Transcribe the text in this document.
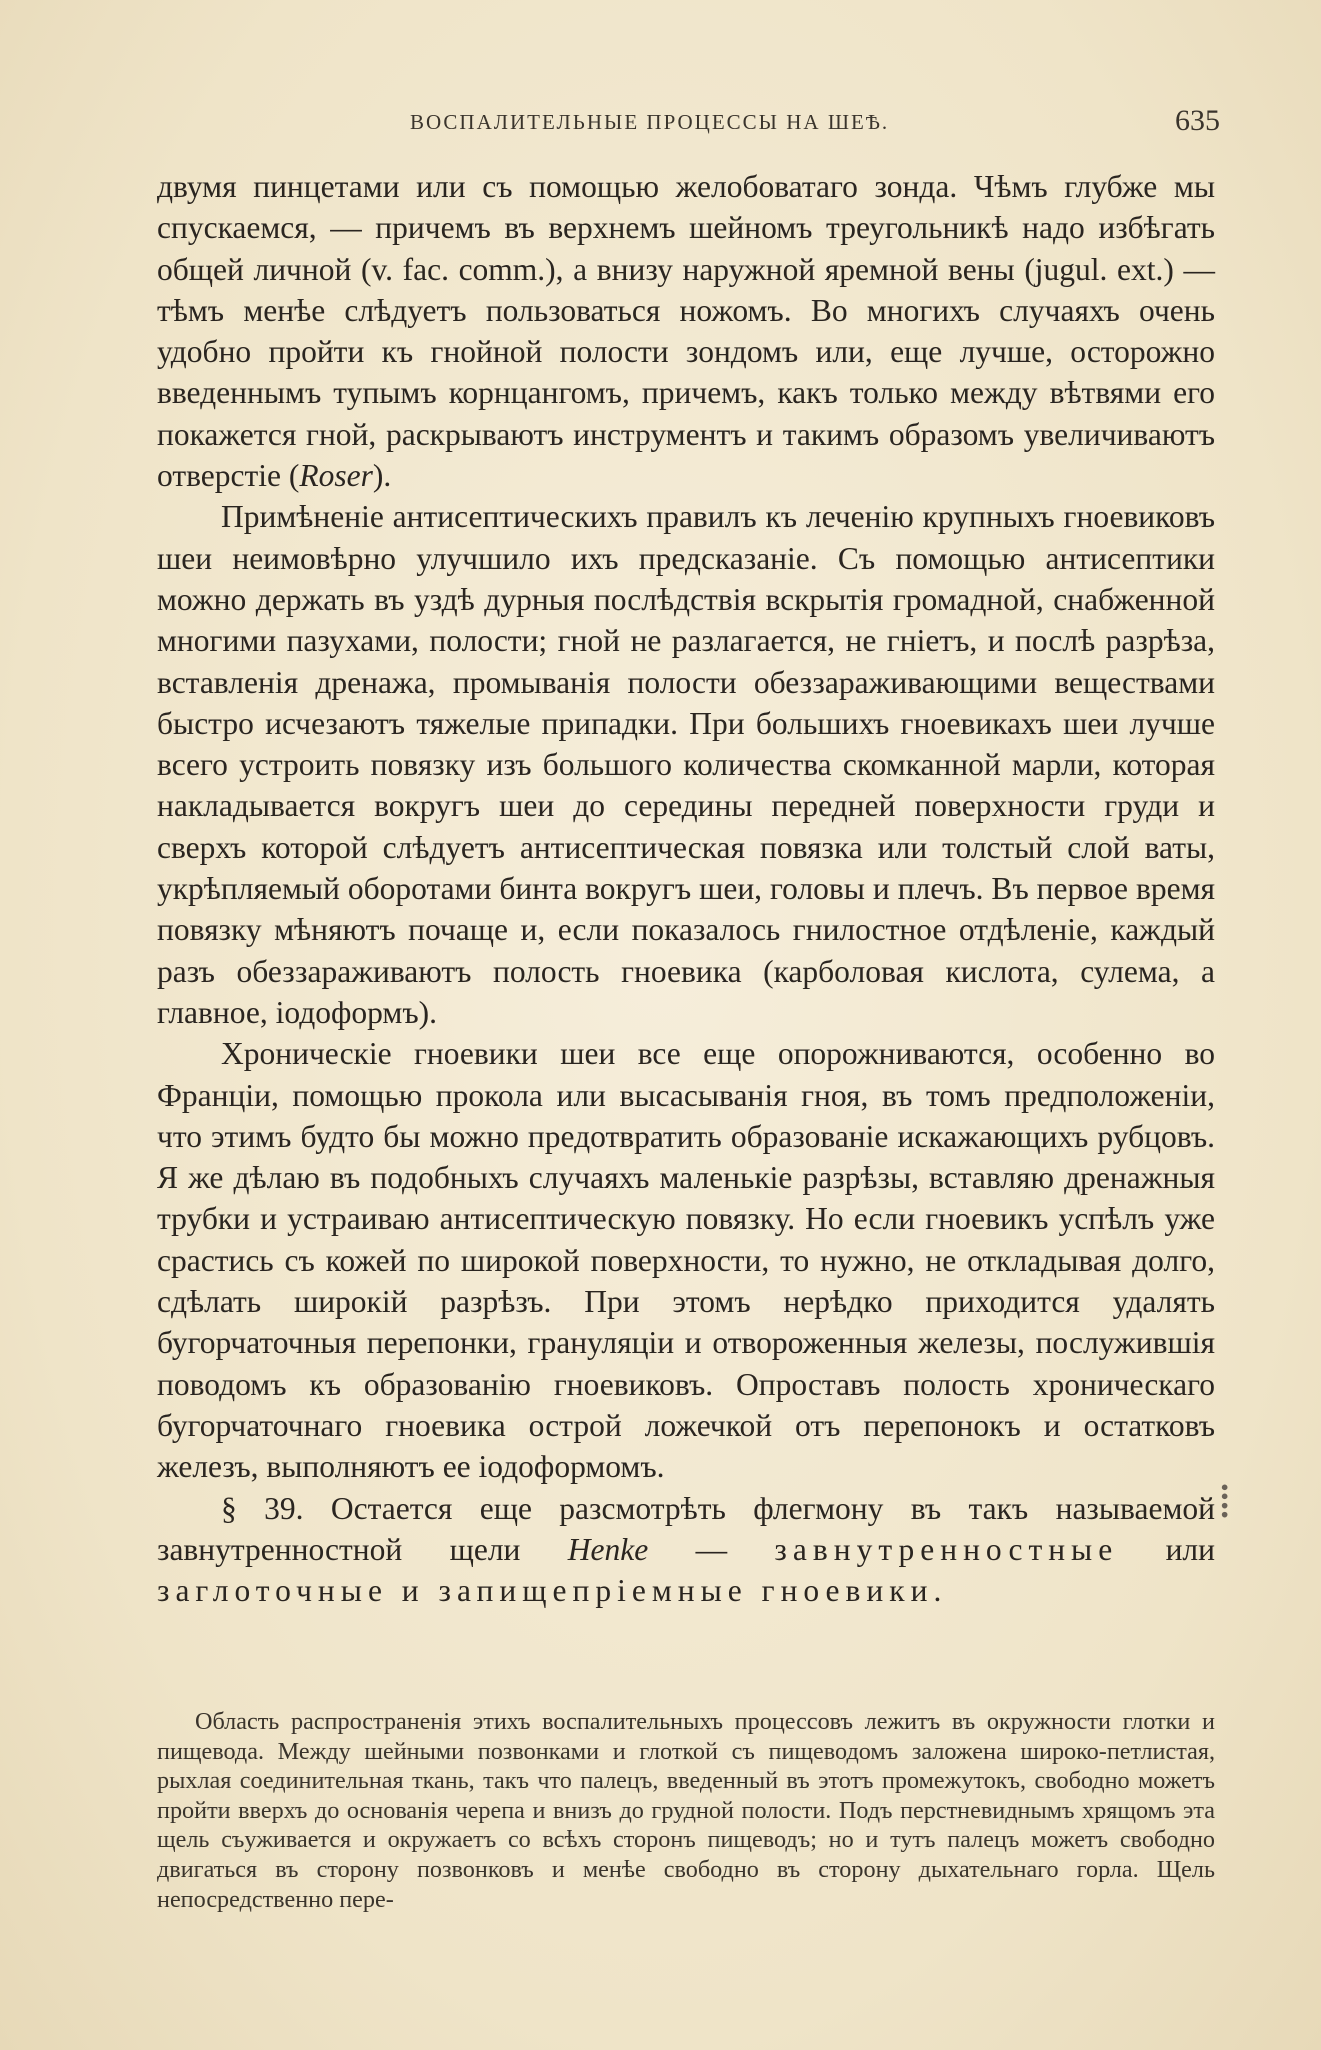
ВОСПАЛИТЕЛЬНЫЕ ПРОЦЕССЫ НА ШЕѢ.	635

двумя пинцетами или съ помощью желобоватаго зонда. Чѣмъ глубже мы спускаемся, — причемъ въ верхнемъ шейномъ треугольникѣ надо избѣгать общей личной (v. fac. comm.), а внизу наружной яремной вены (jugul. ext.) — тѣмъ менѣе слѣдуетъ пользоваться ножомъ. Во многихъ случаяхъ очень удобно пройти къ гнойной полости зондомъ или, еще лучше, осторожно введеннымъ тупымъ корнцангомъ, причемъ, какъ только между вѣтвями его покажется гной, раскрываютъ инструментъ и такимъ образомъ увеличиваютъ отверстіе (Roser).

Примѣненіе антисептическихъ правилъ къ леченію крупныхъ гноевиковъ шеи неимовѣрно улучшило ихъ предсказаніе. Съ помощью антисептики можно держать въ уздѣ дурныя послѣдствія вскрытія громадной, снабженной многими пазухами, полости; гной не разлагается, не гніетъ, и послѣ разрѣза, вставленія дренажа, промыванія полости обеззараживающими веществами быстро исчезаютъ тяжелые припадки. При большихъ гноевикахъ шеи лучше всего устроить повязку изъ большого количества скомканной марли, которая накладывается вокругъ шеи до середины передней поверхности груди и сверхъ которой слѣдуетъ антисептическая повязка или толстый слой ваты, укрѣпляемый оборотами бинта вокругъ шеи, головы и плечъ. Въ первое время повязку мѣняютъ почаще и, если показалось гнилостное отдѣленіе, каждый разъ обеззараживаютъ полость гноевика (карболовая кислота, сулема, а главное, іодоформъ).

Хроническіе гноевики шеи все еще опорожниваются, особенно во Франціи, помощью прокола или высасыванія гноя, въ томъ предположеніи, что этимъ будто бы можно предотвратить образованіе искажающихъ рубцовъ. Я же дѣлаю въ подобныхъ случаяхъ маленькіе разрѣзы, вставляю дренажныя трубки и устраиваю антисептическую повязку. Но если гноевикъ успѣлъ уже срастись съ кожей по широкой поверхности, то нужно, не откладывая долго, сдѣлать широкій разрѣзъ. При этомъ нерѣдко приходится удалять бугорчаточныя перепонки, грануляціи и отвороженныя железы, послужившія поводомъ къ образованію гноевиковъ. Опроставъ полость хроническаго бугорчаточнаго гноевика острой ложечкой отъ перепонокъ и остатковъ железъ, выполняютъ ее іодоформомъ.

§ 39. Остается еще разсмотрѣть флегмону въ такъ называемой завнутренностной щели Henke — завнутренностные или заглоточные и запищепріемные гноевики.

Область распространенія этихъ воспалительныхъ процессовъ лежитъ въ окружности глотки и пищевода. Между шейными позвонками и глоткой съ пищеводомъ заложена широко-петлистая, рыхлая соединительная ткань, такъ что палецъ, введенный въ этотъ промежутокъ, свободно можетъ пройти вверхъ до основанія черепа и внизъ до грудной полости. Подъ перстневиднымъ хрящомъ эта щель съуживается и окружаетъ со всѣхъ сторонъ пищеводъ; но и тутъ палецъ можетъ свободно двигаться въ сторону позвонковъ и менѣе свободно въ сторону дыхательнаго горла. Щель непосредственно пере-

⁞
